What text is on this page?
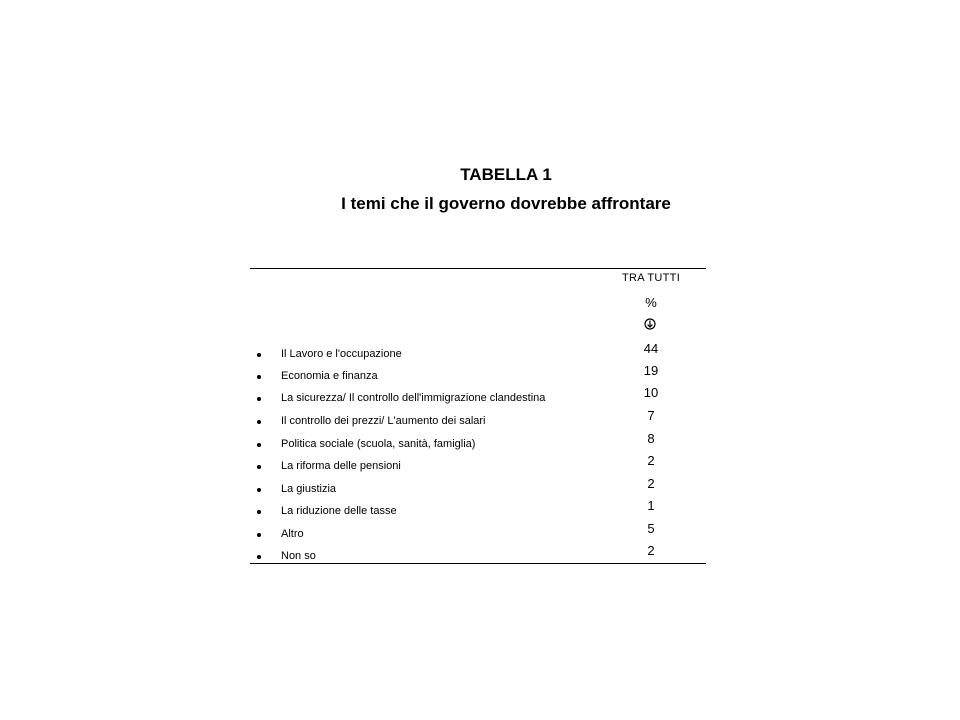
TABELLA 1
I temi che il governo dovrebbe affrontare
TRA TUTTI
%
Il Lavoro e l'occupazione	44
Economia e finanza	19
La sicurezza/ Il controllo dell'immigrazione clandestina	10
Il controllo dei prezzi/ L'aumento dei salari	7
Politica sociale (scuola, sanità, famiglia)	8
La riforma delle pensioni	2
La giustizia	2
La riduzione delle tasse	1
Altro	5
Non so	2
